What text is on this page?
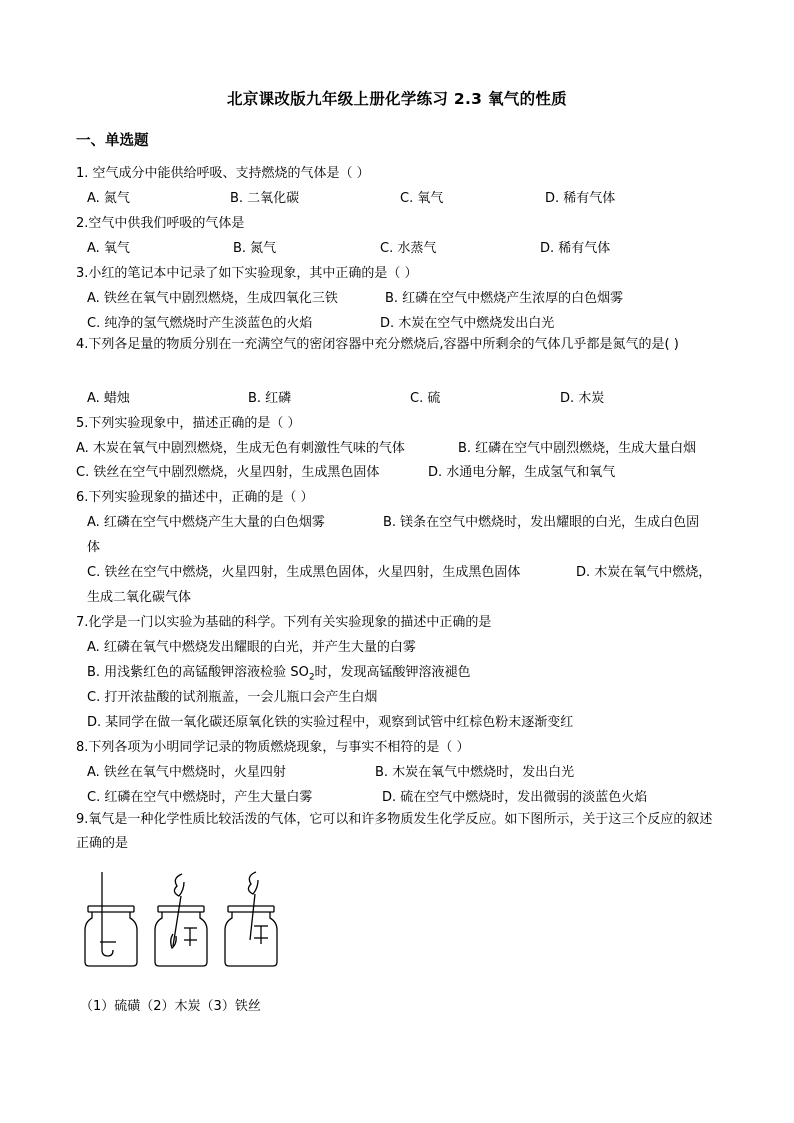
北京课改版九年级上册化学练习 2.3 氧气的性质
一、单选题
1. 空气成分中能供给呼吸、支持燃烧的气体是（ ）
A. 氮气	B. 二氧化碳	C. 氧气	D. 稀有气体
2.空气中供我们呼吸的气体是
A. 氧气	B. 氮气	C. 水蒸气	D. 稀有气体
3.小红的笔记本中记录了如下实验现象，其中正确的是（ ）
A. 铁丝在氧气中剧烈燃烧，生成四氧化三铁	B. 红磷在空气中燃烧产生浓厚的白色烟雾
C. 纯净的氢气燃烧时产生淡蓝色的火焰	D. 木炭在空气中燃烧发出白光
4.下列各足量的物质分别在一充满空气的密闭容器中充分燃烧后,容器中所剩余的气体几乎都是氮气的是( )
A. 蜡烛	B. 红磷	C. 硫	D. 木炭
5.下列实验现象中，描述正确的是（ ）
A. 木炭在氧气中剧烈燃烧，生成无色有刺激性气味的气体	B. 红磷在空气中剧烈燃烧，生成大量白烟
C. 铁丝在空气中剧烈燃烧，火星四射，生成黑色固体	D. 水通电分解，生成氢气和氧气
6.下列实验现象的描述中，正确的是（ ）
A. 红磷在空气中燃烧产生大量的白色烟雾	B. 镁条在空气中燃烧时，发出耀眼的白光，生成白色固
体
C. 铁丝在空气中燃烧，火星四射，生成黑色固体，火星四射，生成黑色固体	D. 木炭在氧气中燃烧，
生成二氧化碳气体
7.化学是一门以实验为基础的科学。下列有关实验现象的描述中正确的是
A. 红磷在氧气中燃烧发出耀眼的白光，并产生大量的白雾
B. 用浅紫红色的高锰酸钾溶液检验 $SO_2$时，发现高锰酸钾溶液褪色
C. 打开浓盐酸的试剂瓶盖，一会儿瓶口会产生白烟
D. 某同学在做一氧化碳还原氧化铁的实验过程中，观察到试管中红棕色粉末逐渐变红
8.下列各项为小明同学记录的物质燃烧现象，与事实不相符的是（ ）
A. 铁丝在氧气中燃烧时，火星四射	B. 木炭在氧气中燃烧时，发出白光
C. 红磷在空气中燃烧时，产生大量白雾	D. 硫在空气中燃烧时，发出微弱的淡蓝色火焰
9.氧气是一种化学性质比较活泼的气体，它可以和许多物质发生化学反应。如下图所示，关于这三个反应的叙述正确的是
（1）硫磺（2）木炭（3）铁丝
